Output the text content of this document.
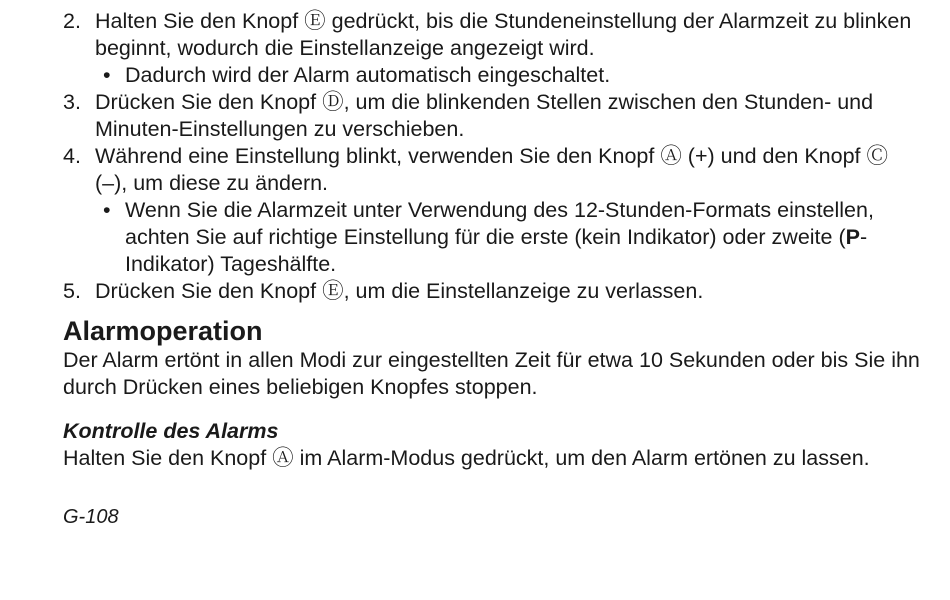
2. Halten Sie den Knopf Ⓔ gedrückt, bis die Stundeneinstellung der Alarmzeit zu blinken beginnt, wodurch die Einstellanzeige angezeigt wird.
• Dadurch wird der Alarm automatisch eingeschaltet.
3. Drücken Sie den Knopf Ⓓ, um die blinkenden Stellen zwischen den Stunden- und Minuten-Einstellungen zu verschieben.
4. Während eine Einstellung blinkt, verwenden Sie den Knopf Ⓐ (+) und den Knopf Ⓒ (–), um diese zu ändern.
• Wenn Sie die Alarmzeit unter Verwendung des 12-Stunden-Formats einstellen, achten Sie auf richtige Einstellung für die erste (kein Indikator) oder zweite (P-Indikator) Tageshälfte.
5. Drücken Sie den Knopf Ⓔ, um die Einstellanzeige zu verlassen.
Alarmoperation
Der Alarm ertönt in allen Modi zur eingestellten Zeit für etwa 10 Sekunden oder bis Sie ihn durch Drücken eines beliebigen Knopfes stoppen.
Kontrolle des Alarms
Halten Sie den Knopf Ⓐ im Alarm-Modus gedrückt, um den Alarm ertönen zu lassen.
G-108
